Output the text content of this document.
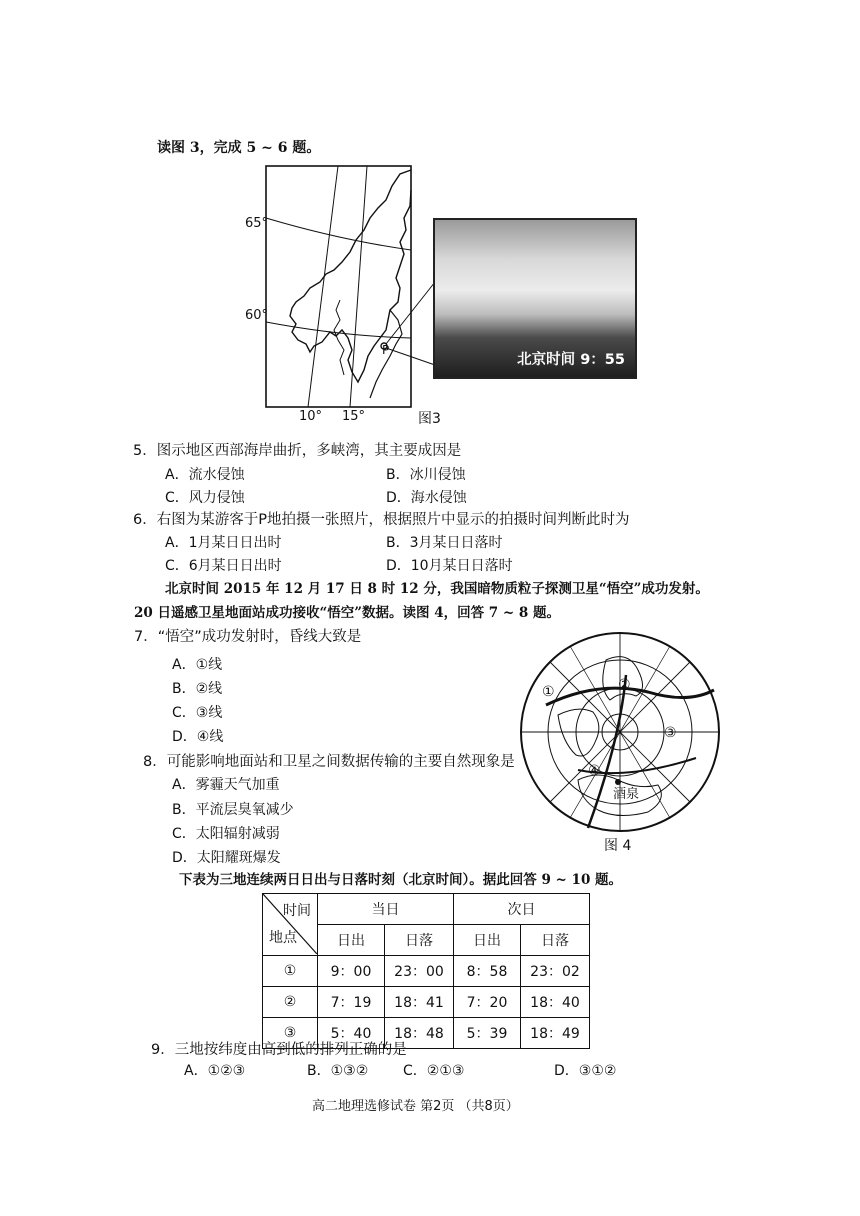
读图 3，完成 5 ~ 6 题。
65°
60°
10° 15°
P
图3
北京时间 9：55
5．图示地区西部海岸曲折，多峡湾，其主要成因是
A．流水侵蚀	B．冰川侵蚀
C．风力侵蚀	D．海水侵蚀
6．右图为某游客于P地拍摄一张照片，根据照片中显示的拍摄时间判断此时为
A．1月某日日出时	B．3月某日日落时
C．6月某日日出时	D．10月某日日落时
北京时间 2015 年 12 月 17 日 8 时 12 分，我国暗物质粒子探测卫星“悟空”成功发射。
20 日遥感卫星地面站成功接收“悟空”数据。读图 4，回答 7 ~ 8 题。
7．“悟空”成功发射时，昏线大致是
A．①线
B．②线
C．③线
D．④线
8．可能影响地面站和卫星之间数据传输的主要自然现象是
A．雾霾天气加重
B．平流层臭氧减少
C．太阳辐射减弱
D．太阳耀斑爆发
①	②
③
④
酒泉
图 4
下表为三地连续两日日出与日落时刻（北京时间）。据此回答 9 ~ 10 题。
时间
地点	当日		次日	
	日出	日落	日出	日落
①	9：00	23：00	8：58	23：02
②	7：19	18：41	7：20	18：40
③	5：40	18：48	5：39	18：49
9．三地按纬度由高到低的排列正确的是
A．①②③	B．①③② C．②①③	D．③①②
高二地理选修试卷 第2页 （共8页）
